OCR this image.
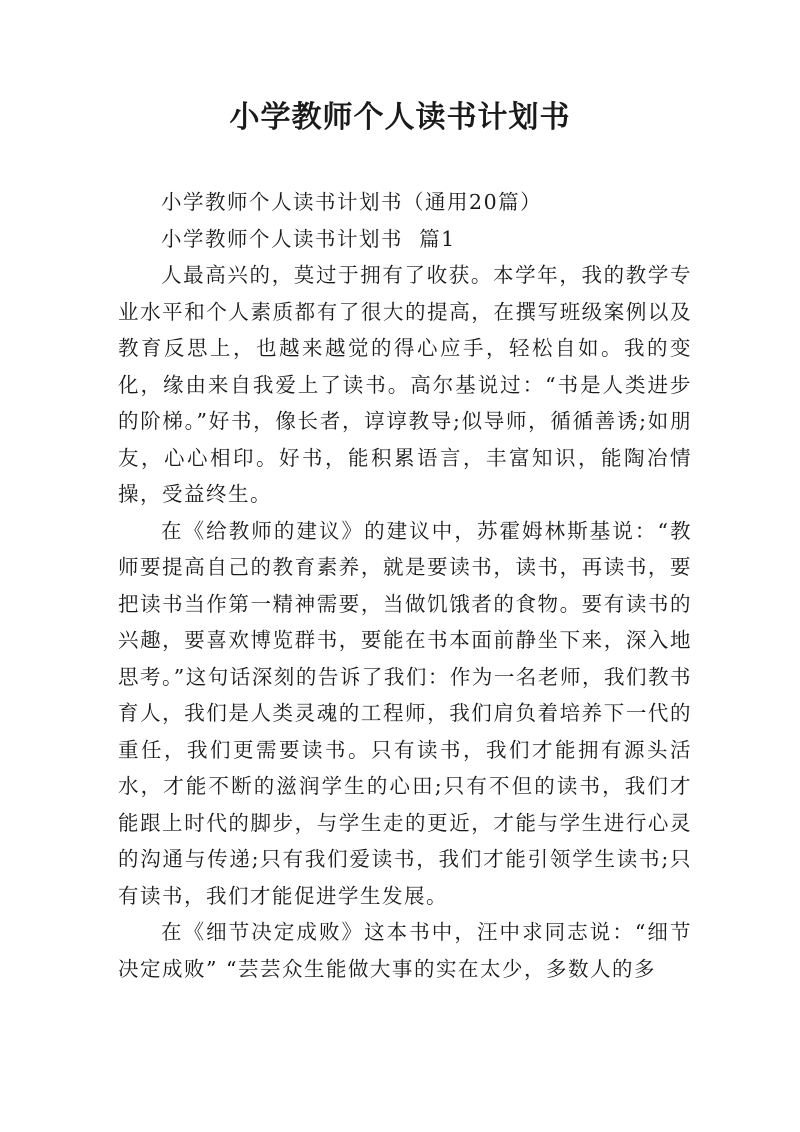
小学教师个人读书计划书

小学教师个人读书计划书（通用20篇）

小学教师个人读书计划书  篇1

人最高兴的，莫过于拥有了收获。本学年，我的教学专业水平和个人素质都有了很大的提高，在撰写班级案例以及教育反思上，也越来越觉的得心应手，轻松自如。我的变化，缘由来自我爱上了读书。高尔基说过：“书是人类进步的阶梯。”好书，像长者，谆谆教导;似导师，循循善诱;如朋友，心心相印。好书，能积累语言，丰富知识，能陶冶情操，受益终生。

在《给教师的建议》的建议中，苏霍姆林斯基说：“教师要提高自己的教育素养，就是要读书，读书，再读书，要把读书当作第一精神需要，当做饥饿者的食物。要有读书的兴趣，要喜欢博览群书，要能在书本面前静坐下来，深入地思考。”这句话深刻的告诉了我们：作为一名老师，我们教书育人，我们是人类灵魂的工程师，我们肩负着培养下一代的重任，我们更需要读书。只有读书，我们才能拥有源头活水，才能不断的滋润学生的心田;只有不但的读书，我们才能跟上时代的脚步，与学生走的更近，才能与学生进行心灵的沟通与传递;只有我们爱读书，我们才能引领学生读书;只有读书，我们才能促进学生发展。

在《细节决定成败》这本书中，汪中求同志说：“细节决定成败” “芸芸众生能做大事的实在太少，多数人的多
